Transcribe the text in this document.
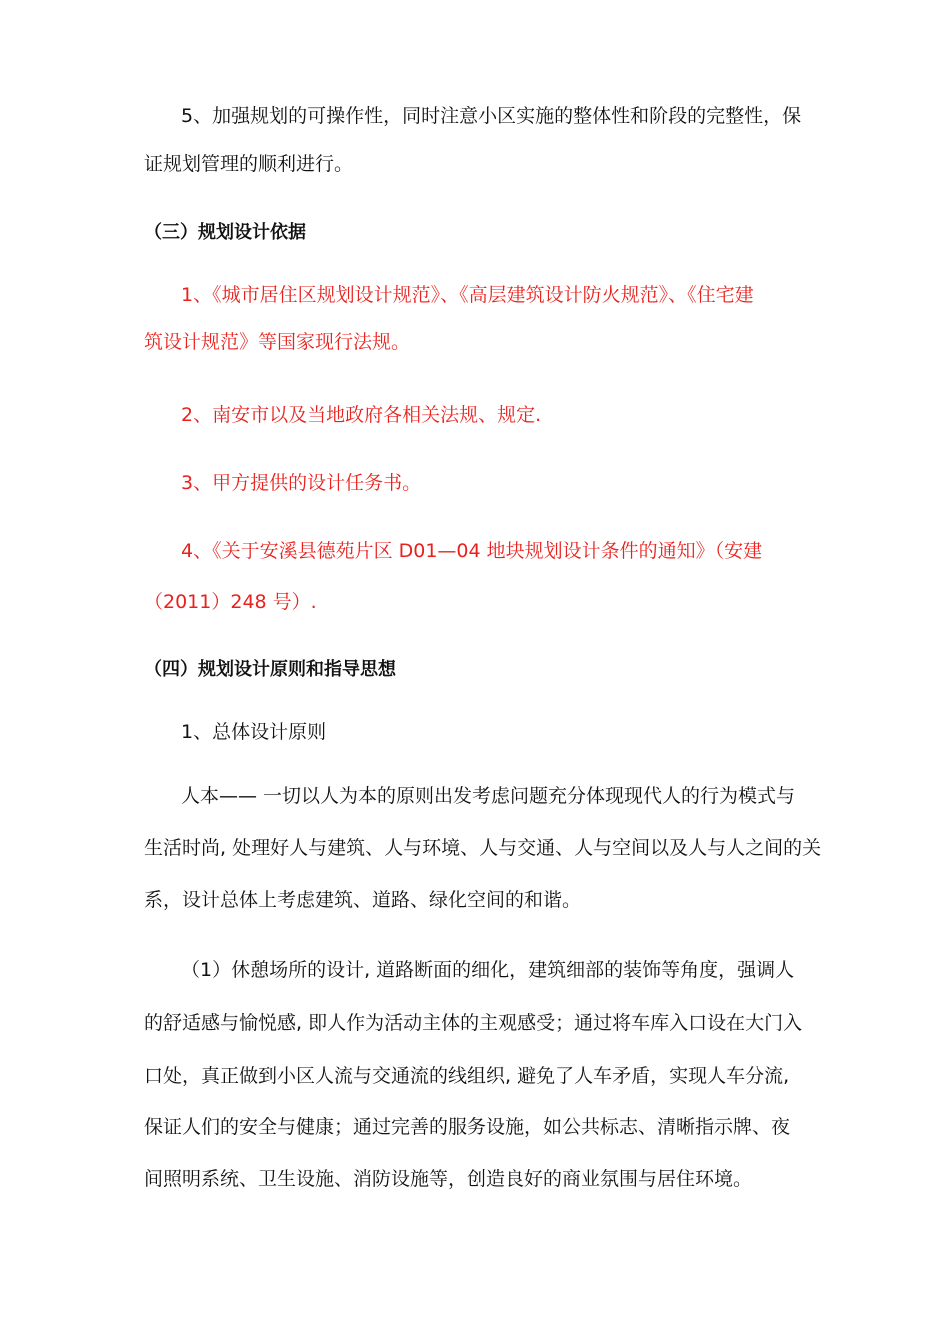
5、加强规划的可操作性，同时注意小区实施的整体性和阶段的完整性，保
证规划管理的顺利进行。
（三）规划设计依据
1、《城市居住区规划设计规范》、《高层建筑设计防火规范》、《住宅建
筑设计规范》等国家现行法规。
2、南安市以及当地政府各相关法规、规定.
3、甲方提供的设计任务书。
4、《关于安溪县德苑片区 D01—04 地块规划设计条件的通知》（安建
（2011）248 号）.
（四）规划设计原则和指导思想
1、总体设计原则
人本—— 一切以人为本的原则出发考虑问题充分体现现代人的行为模式与
生活时尚, 处理好人与建筑、人与环境、人与交通、人与空间以及人与人之间的关
系，设计总体上考虑建筑、道路、绿化空间的和谐。
（1）休憩场所的设计, 道路断面的细化，建筑细部的装饰等角度，强调人
的舒适感与愉悦感, 即人作为活动主体的主观感受；通过将车库入口设在大门入
口处，真正做到小区人流与交通流的线组织, 避免了人车矛盾，实现人车分流,
保证人们的安全与健康；通过完善的服务设施，如公共标志、清晰指示牌、夜
间照明系统、卫生设施、消防设施等，创造良好的商业氛围与居住环境。
